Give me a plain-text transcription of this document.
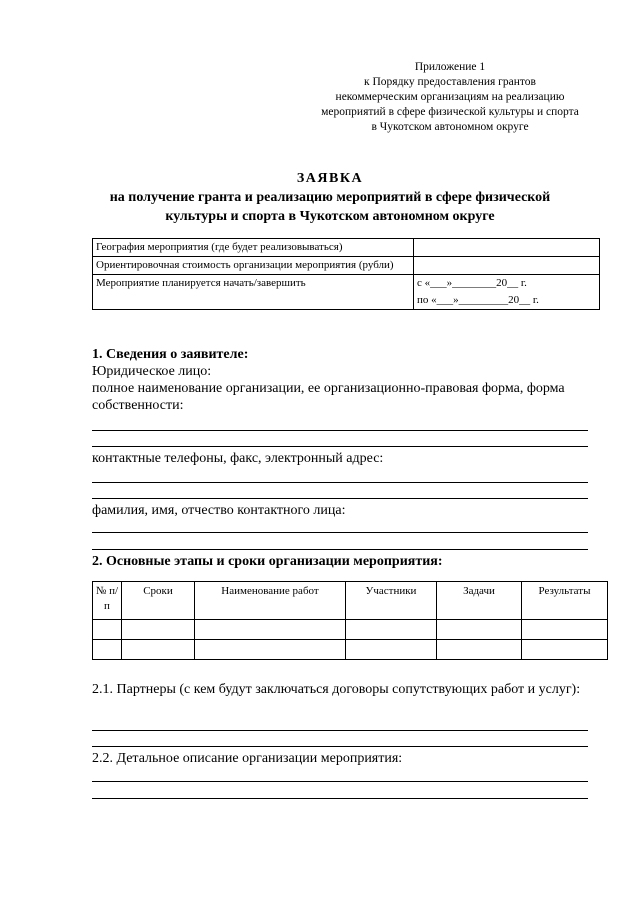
Приложение 1
к Порядку предоставления грантов
некоммерческим организациям на реализацию
мероприятий в сфере физической культуры и спорта
в Чукотском автономном округе
ЗАЯВКА
на получение гранта и реализацию мероприятий в сфере физической
культуры и спорта в Чукотском автономном округе
География мероприятия (где будет реализовываться)	
Ориентировочная стоимость организации мероприятия (рубли)	
Мероприятие планируется начать/завершить	с «___»________20__ г.
по «___»_________20__ г.
1. Сведения о заявителе:
Юридическое лицо:
полное наименование организации, ее организационно-правовая форма, форма собственности:
контактные телефоны, факс, электронный адрес:
фамилия, имя, отчество контактного лица:
2. Основные этапы и сроки организации мероприятия:
№ п/п	Сроки	Наименование работ	Участники	Задачи	Результаты

2.1. Партнеры (с кем будут заключаться договоры сопутствующих работ и услуг):
2.2. Детальное описание организации мероприятия:
